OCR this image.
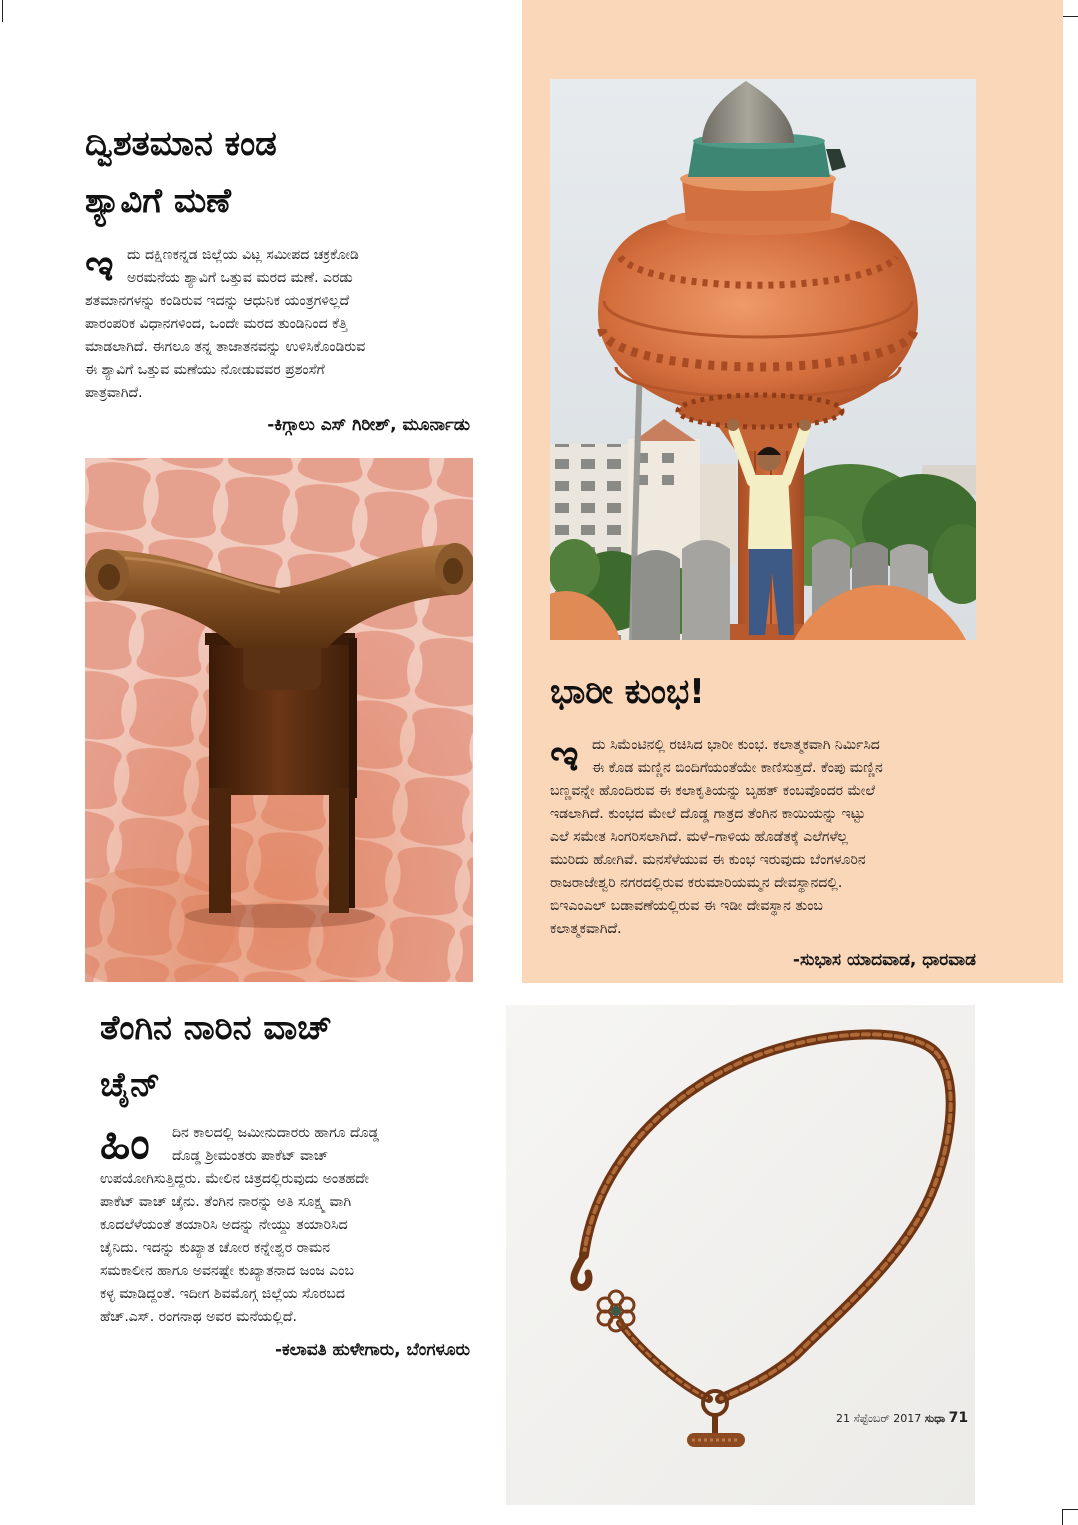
ದ್ವಿಶತಮಾನ ಕಂಡ
ಶ್ಯಾವಿಗೆ ಮಣೆ
ಇ ದು ದಕ್ಷಿಣಕನ್ನಡ ಜಿಲ್ಲೆಯ ವಿಟ್ಲ ಸಮೀಪದ ಚಕ್ರಕೋಡಿ
ಅರಮನೆಯ ಶ್ಯಾವಿಗೆ ಒತ್ತುವ ಮರದ ಮಣೆ. ಎರಡು
ಶತಮಾನಗಳನ್ನು ಕಂಡಿರುವ ಇದನ್ನು ಆಧುನಿಕ ಯಂತ್ರಗಳಿಲ್ಲದೆ
ಪಾರಂಪರಿಕ ವಿಧಾನಗಳಿಂದ, ಒಂದೇ ಮರದ ತುಂಡಿನಿಂದ ಕೆತ್ತಿ
ಮಾಡಲಾಗಿದೆ. ಈಗಲೂ ತನ್ನ ತಾಜಾತನವನ್ನು ಉಳಿಸಿಕೊಂಡಿರುವ
ಈ ಶ್ಯಾವಿಗೆ ಒತ್ತುವ ಮಣೆಯು ನೋಡುವವರ ಪ್ರಶಂಸೆಗೆ
ಪಾತ್ರವಾಗಿದೆ.
-ಕಿಗ್ಗಾಲು ಎಸ್ ಗಿರೀಶ್, ಮೂರ್ನಾಡು
ಭಾರೀ ಕುಂಭ!
ಇ ದು ಸಿಮೆಂಟಿನಲ್ಲಿ ರಚಿಸಿದ ಭಾರೀ ಕುಂಭ. ಕಲಾತ್ಮಕವಾಗಿ ನಿರ್ಮಿಸಿದ
ಈ ಕೊಡ ಮಣ್ಣಿನ ಬಿಂದಿಗೆಯಂತೆಯೇ ಕಾಣಿಸುತ್ತದೆ. ಕೆಂಪು ಮಣ್ಣಿನ
ಬಣ್ಣವನ್ನೇ ಹೊಂದಿರುವ ಈ ಕಲಾಕೃತಿಯನ್ನು ಬೃಹತ್ ಕಂಬವೊಂದರ ಮೇಲೆ
ಇಡಲಾಗಿದೆ. ಕುಂಭದ ಮೇಲೆ ದೊಡ್ಡ ಗಾತ್ರದ ತೆಂಗಿನ ಕಾಯಿಯನ್ನು ಇಟ್ಟು
ಎಲೆ ಸಮೇತ ಸಿಂಗರಿಸಲಾಗಿದೆ. ಮಳೆ–ಗಾಳಿಯ ಹೊಡೆತಕ್ಕೆ ಎಲೆಗಳೆಲ್ಲ
ಮುರಿದು ಹೋಗಿವೆ. ಮನಸೆಳೆಯುವ ಈ ಕುಂಭ ಇರುವುದು ಬೆಂಗಳೂರಿನ
ರಾಜರಾಜೇಶ್ವರಿ ನಗರದಲ್ಲಿರುವ ಕರುಮಾರಿಯಮ್ಮನ ದೇವಸ್ಥಾನದಲ್ಲಿ.
ಬಿಇಎಂಎಲ್ ಬಡಾವಣೆಯಲ್ಲಿರುವ ಈ ಇಡೀ ದೇವಸ್ಥಾನ ತುಂಬ
ಕಲಾತ್ಮಕವಾಗಿದೆ.
-ಸುಭಾಸ ಯಾದವಾಡ, ಧಾರವಾಡ
ತೆಂಗಿನ ನಾರಿನ ವಾಚ್
ಚೈನ್
ಹಿಂ	ದಿನ ಕಾಲದಲ್ಲಿ ಜಮೀನುದಾರರು ಹಾಗೂ ದೊಡ್ಡ
ದೊಡ್ಡ ಶ್ರೀಮಂತರು ಪಾಕೆಟ್ ವಾಚ್
ಉಪಯೋಗಿಸುತ್ತಿದ್ದರು. ಮೇಲಿನ ಚಿತ್ರದಲ್ಲಿರುವುದು ಅಂತಹದೇ
ಪಾಕೆಟ್ ವಾಚ್ ಚೈನು. ತೆಂಗಿನ ನಾರನ್ನು ಅತಿ ಸೂಕ್ಷ್ಮ ವಾಗಿ
ಕೂದಲೆಳೆಯಂತೆ ತಯಾರಿಸಿ ಅದನ್ನು ನೇಯ್ದು ತಯಾರಿಸಿದ
ಚೈನಿದು. ಇದನ್ನು ಕುಖ್ಯಾತ ಚೋರ ಕನ್ನೇಶ್ವರ ರಾಮನ
ಸಮಕಾಲೀನ ಹಾಗೂ ಅವನಷ್ಟೇ ಕುಖ್ಯಾತನಾದ ಜಂಜ ಎಂಬ
ಕಳ್ಳ ಮಾಡಿದ್ದಂತೆ. ಇದೀಗ ಶಿವಮೊಗ್ಗ ಜಿಲ್ಲೆಯ ಸೊರಬದ
ಹೆಚ್.ಎಸ್. ರಂಗನಾಥ ಅವರ ಮನೆಯಲ್ಲಿದೆ.
-ಕಲಾವತಿ ಹುಳೇಗಾರು, ಬೆಂಗಳೂರು
21 ಸೆಪ್ಟೆಂಬರ್ 2017 ಸುಧಾ 71
